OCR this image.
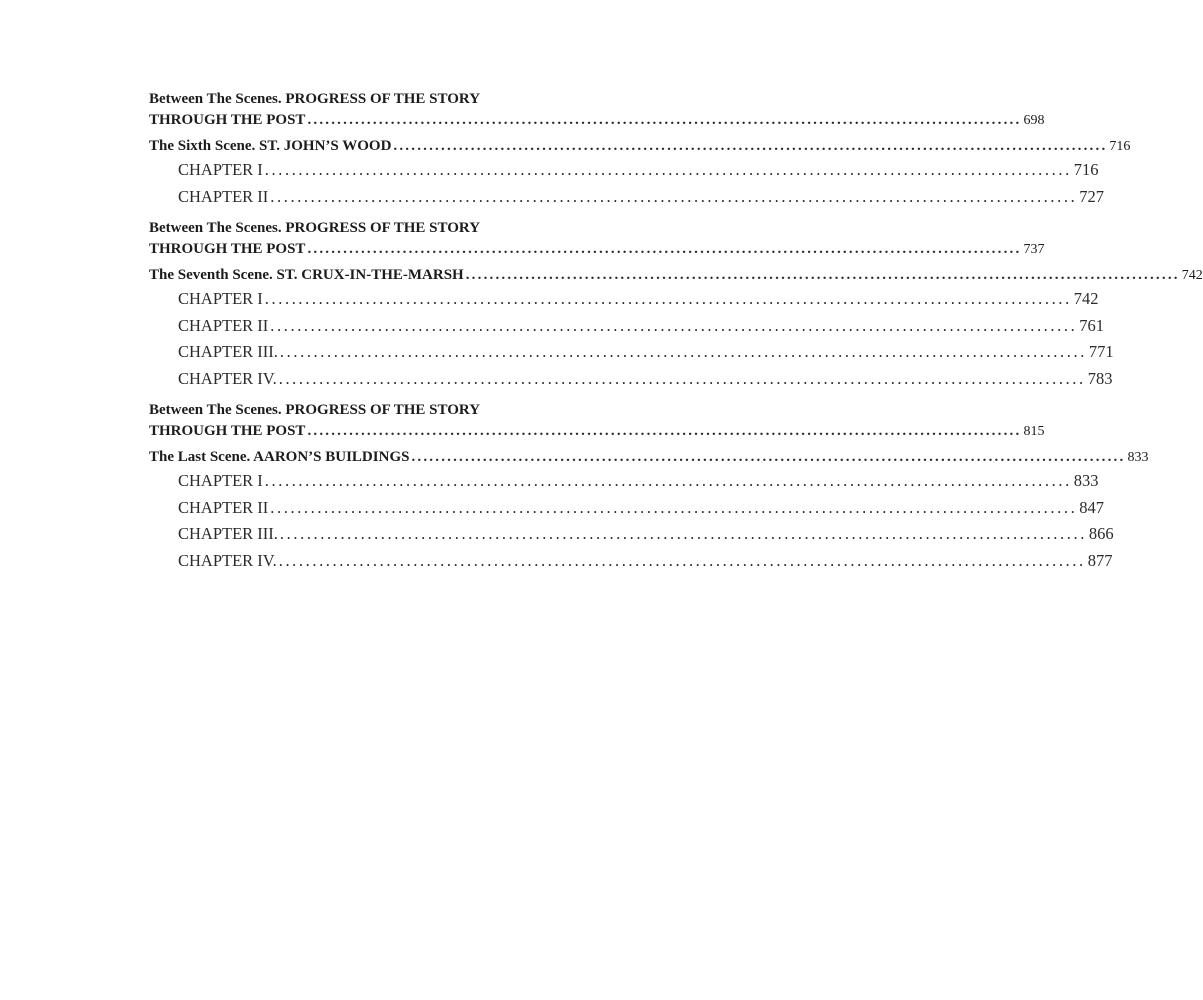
Between The Scenes. PROGRESS OF THE STORY
THROUGH THE POST ........................................................................................................................ 698
The Sixth Scene. ST. JOHN’S WOOD ........................................................................................................................ 716
CHAPTER I ........................................................................................................................ 716
CHAPTER II ........................................................................................................................ 727
Between The Scenes. PROGRESS OF THE STORY
THROUGH THE POST ........................................................................................................................ 737
The Seventh Scene. ST. CRUX-IN-THE-MARSH ........................................................................................................................ 742
CHAPTER I ........................................................................................................................ 742
CHAPTER II ........................................................................................................................ 761
CHAPTER III. ........................................................................................................................ 771
CHAPTER IV. ........................................................................................................................ 783
Between The Scenes. PROGRESS OF THE STORY
THROUGH THE POST ........................................................................................................................ 815
The Last Scene. AARON’S BUILDINGS ........................................................................................................................ 833
CHAPTER I ........................................................................................................................ 833
CHAPTER II ........................................................................................................................ 847
CHAPTER III. ........................................................................................................................ 866
CHAPTER IV. ........................................................................................................................ 877
